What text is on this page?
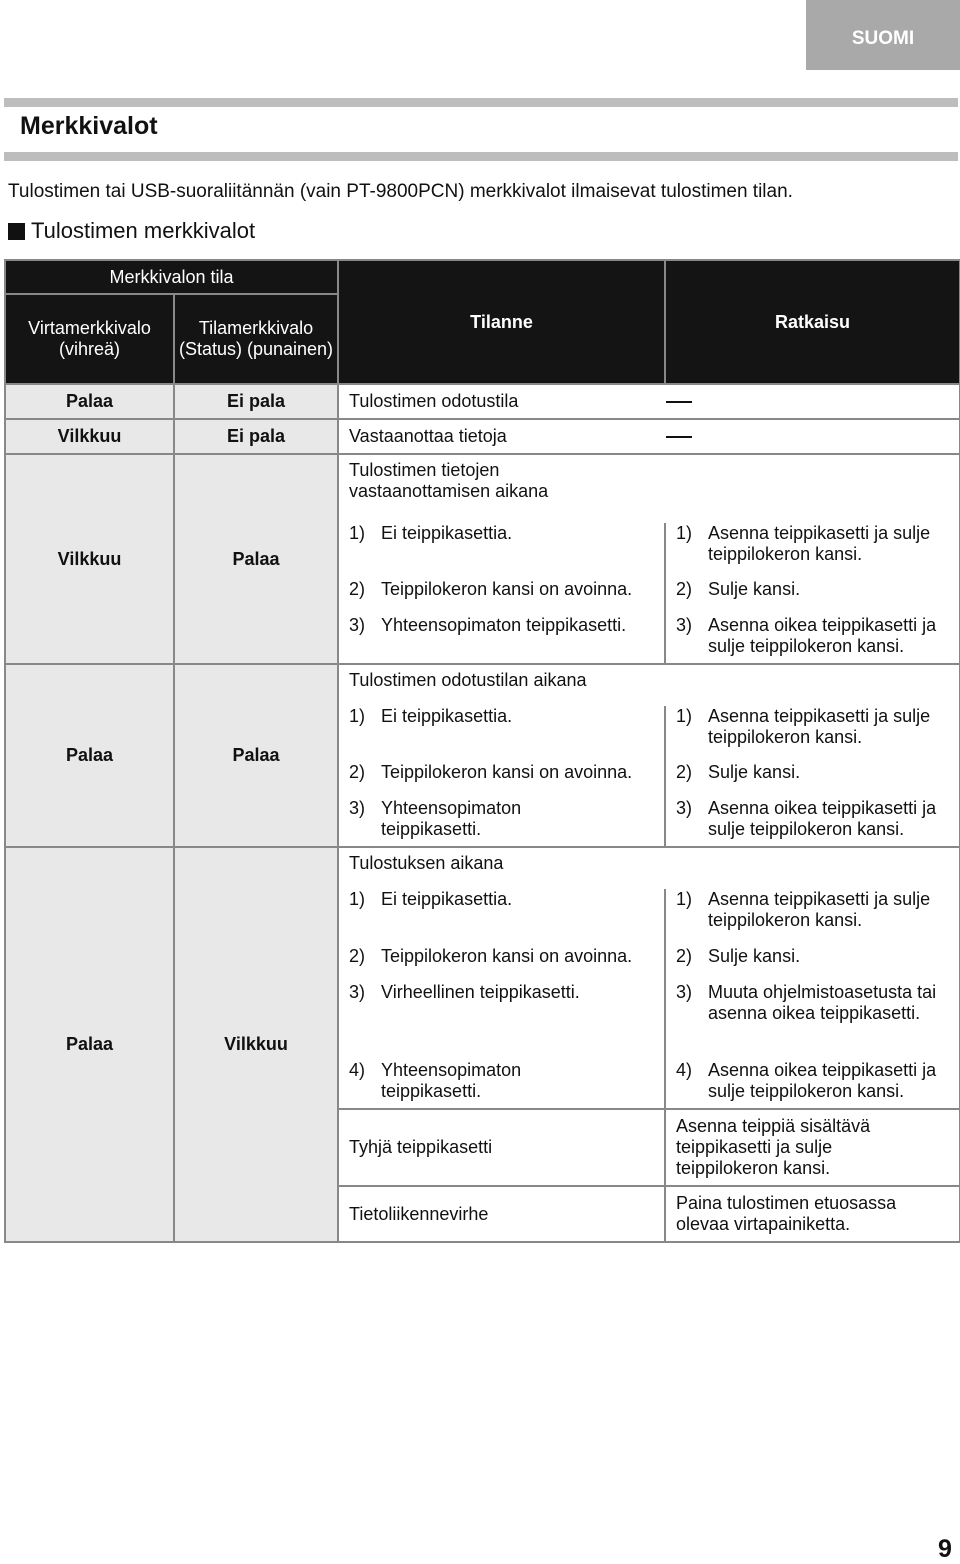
SUOMI
Merkkivalot
Tulostimen tai USB-suoraliitännän (vain PT-9800PCN) merkkivalot ilmaisevat tulostimen tilan.
Tulostimen merkkivalot
Merkkivalon tila		Tilanne	Ratkaisu
Virtamerkkivalo (vihreä)	Tilamerkkivalo (Status) (punainen)		
Palaa	Ei pala	Tulostimen odotustila	
Vilkkuu	Ei pala	Vastaanottaa tietoja	
Vilkkuu	Palaa	Tulostimen tietojen vastaanottamisen aikana	

		1) Ei teippikasettia.	1) Asenna teippikasetti ja sulje teippilokeron kansi.

		2) Teippilokeron kansi on avoinna.	2) Sulje kansi.

		3) Yhteensopimaton teippikasetti.	3) Asenna oikea teippikasetti ja sulje teippilokeron kansi.

Palaa	Palaa	Tulostimen odotustilan aikana	

		1) Ei teippikasettia.	1) Asenna teippikasetti ja sulje teippilokeron kansi.

		2) Teippilokeron kansi on avoinna.	2) Sulje kansi.

		3) Yhteensopimaton teippikasetti.	3) Asenna oikea teippikasetti ja sulje teippilokeron kansi.

Palaa	Vilkkuu	Tulostuksen aikana	

		1) Ei teippikasettia.	1) Asenna teippikasetti ja sulje teippilokeron kansi.

		2) Teippilokeron kansi on avoinna.	2) Sulje kansi.

		3) Virheellinen teippikasetti.	3) Muuta ohjelmistoasetusta tai asenna oikea teippikasetti.

		4) Yhteensopimaton teippikasetti.	4) Asenna oikea teippikasetti ja sulje teippilokeron kansi.

		Tyhjä teippikasetti	Asenna teippiä sisältävä teippikasetti ja sulje teippilokeron kansi.

		Tietoliikennevirhe	Paina tulostimen etuosassa olevaa virtapainiketta.
9
